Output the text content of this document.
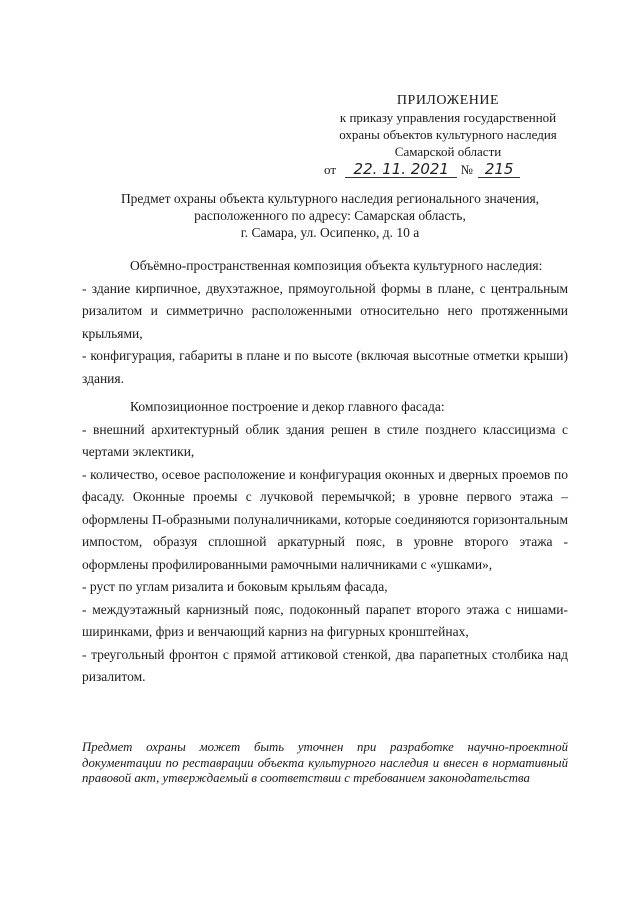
ПРИЛОЖЕНИЕ
к приказу управления государственной
охраны объектов культурного наследия
Самарской области
от 22. 11. 2021 № 215
Предмет охраны объекта культурного наследия регионального значения,
расположенного по адресу: Самарская область,
г. Самара, ул. Осипенко, д. 10 а

Объёмно-пространственная композиция объекта культурного наследия:

- здание кирпичное, двухэтажное, прямоугольной формы в плане, с центральным ризалитом и симметрично расположенными относительно него протяженными крыльями,

- конфигурация, габариты в плане и по высоте (включая высотные отметки крыши) здания.

Композиционное построение и декор главного фасада:

- внешний архитектурный облик здания решен в стиле позднего классицизма с чертами эклектики,

- количество, осевое расположение и конфигурация оконных и дверных проемов по фасаду. Оконные проемы с лучковой перемычкой; в уровне первого этажа – оформлены П-образными полуналичниками, которые соединяются горизонтальным импостом, образуя сплошной аркатурный пояс, в уровне второго этажа - оформлены профилированными рамочными наличниками с «ушками»,

- руст по углам ризалита и боковым крыльям фасада,

- междуэтажный карнизный пояс, подоконный парапет второго этажа с нишами-ширинками, фриз и венчающий карниз на фигурных кронштейнах,

- треугольный фронтон с прямой аттиковой стенкой, два парапетных столбика над ризалитом.

Предмет охраны может быть уточнен при разработке научно-проектной документации по реставрации объекта культурного наследия и внесен в нормативный правовой акт, утверждаемый в соответствии с требованием законодательства
